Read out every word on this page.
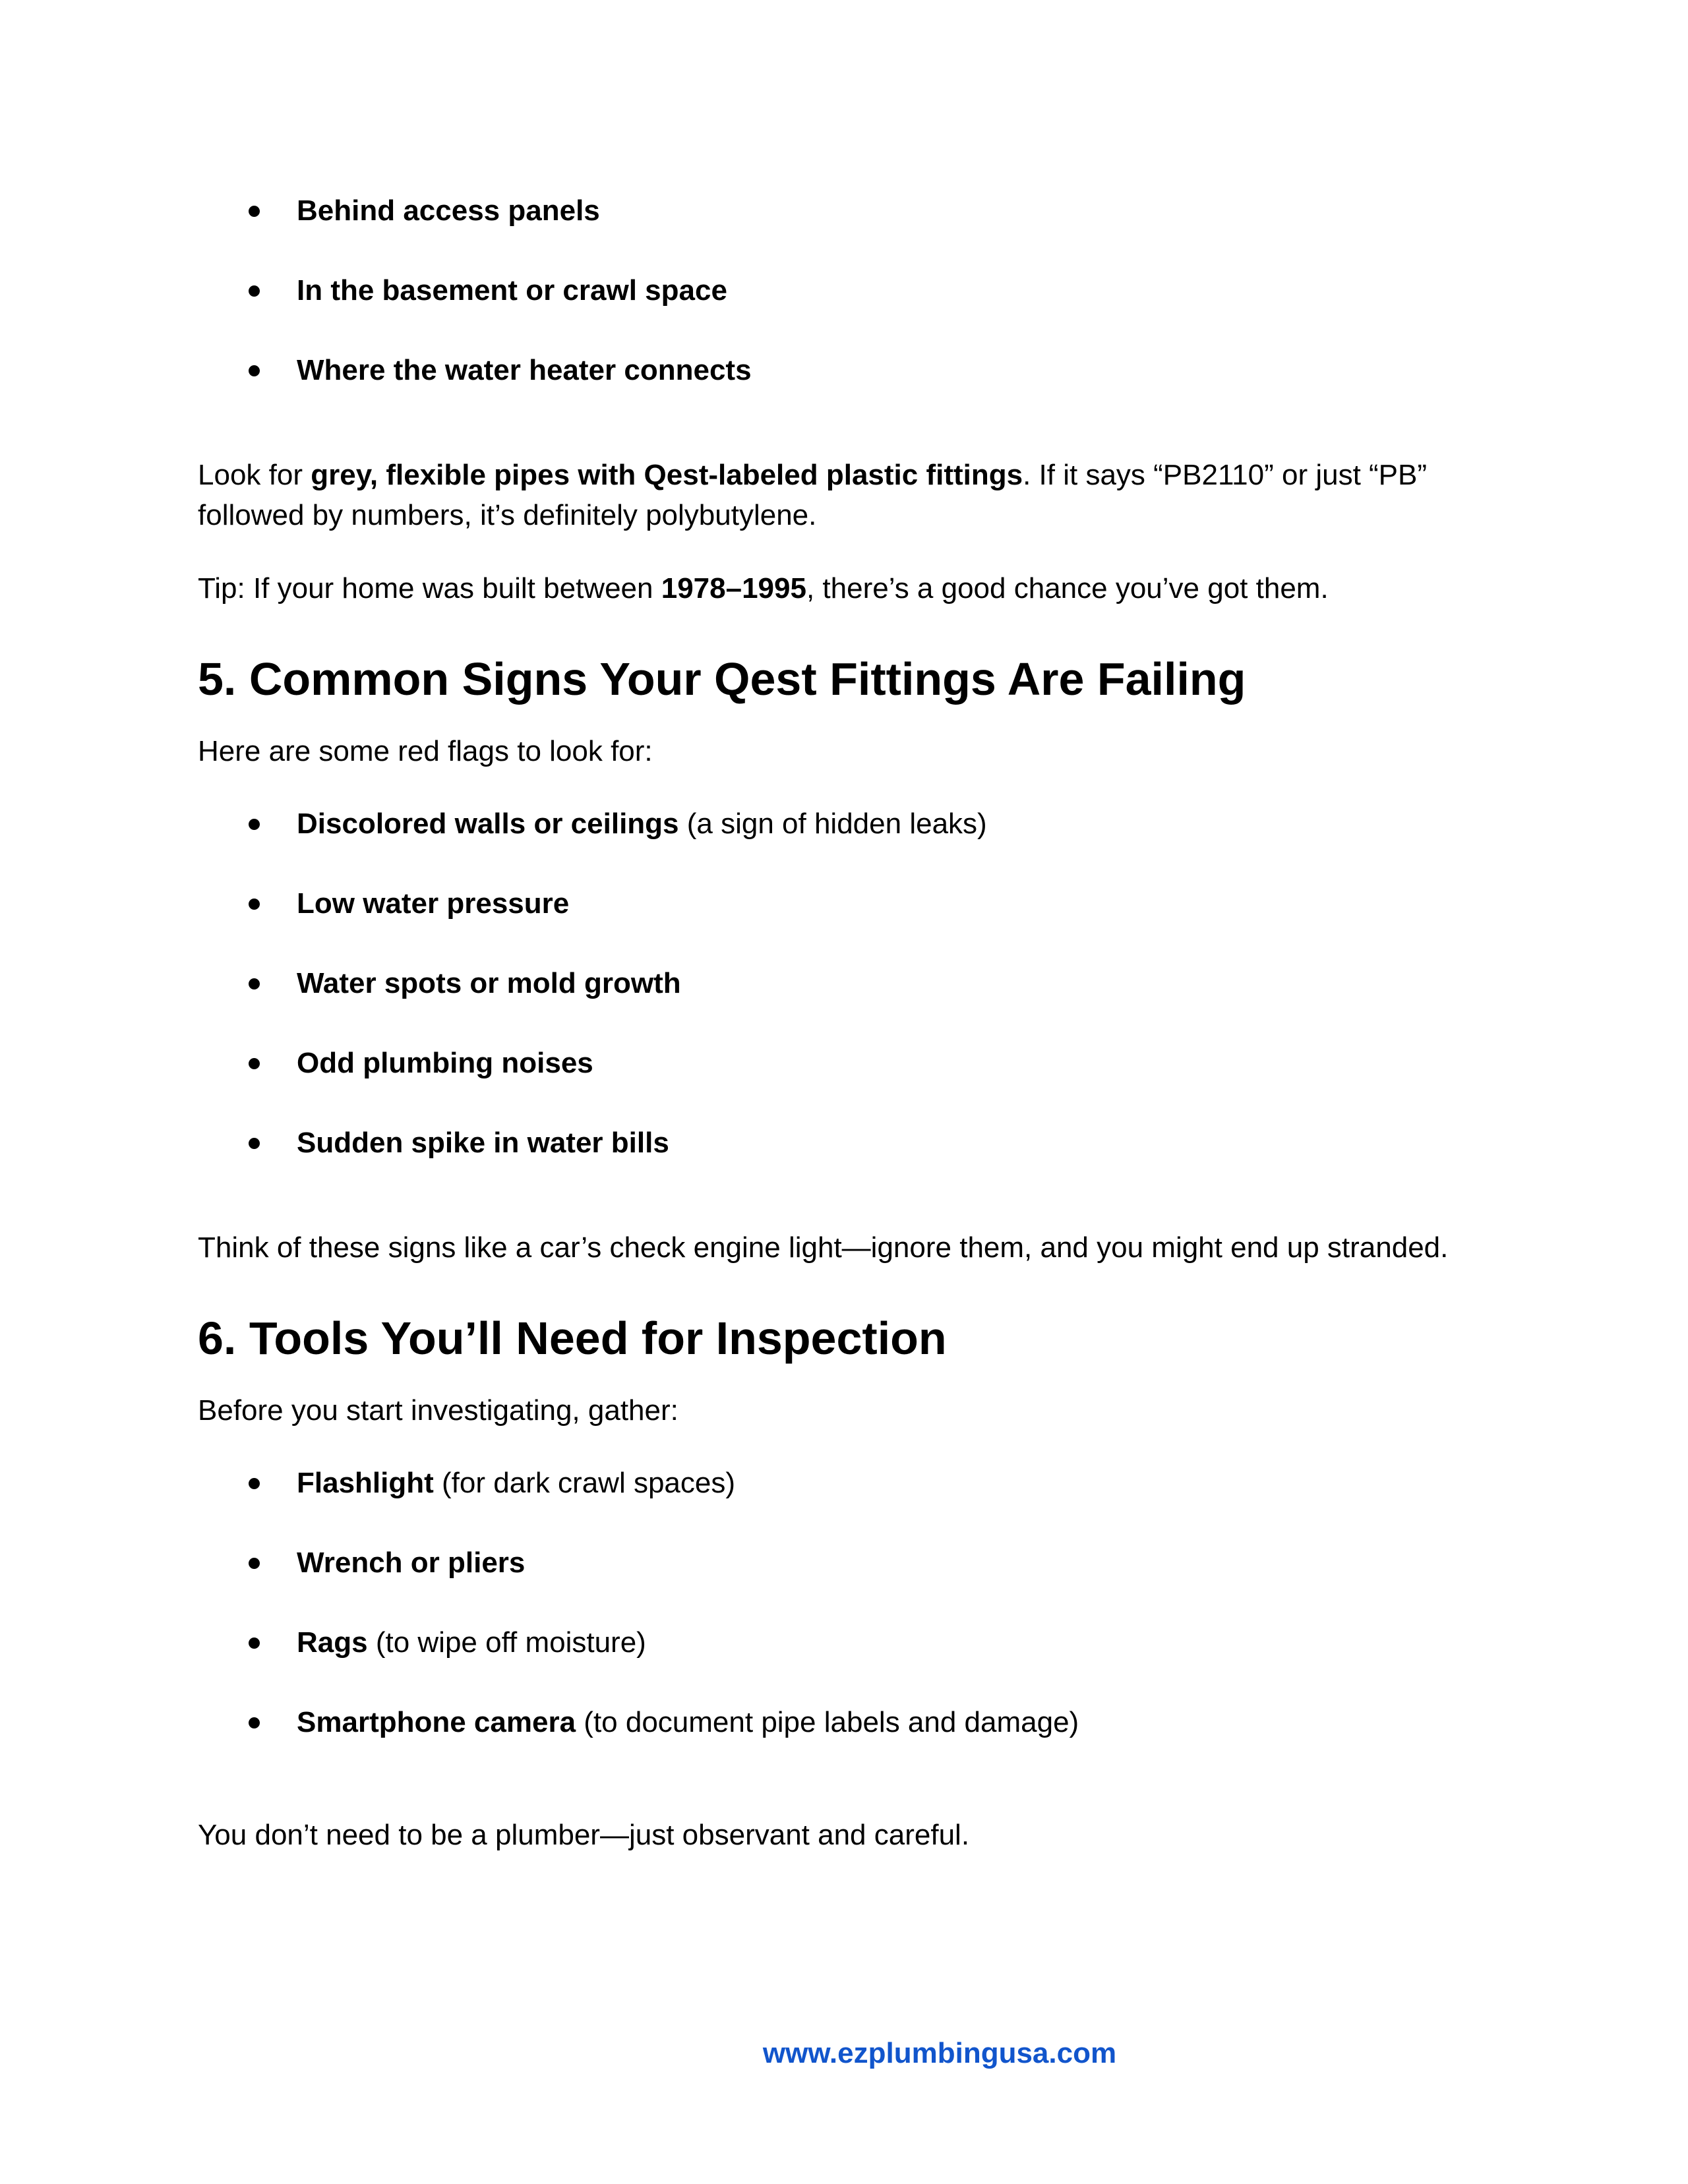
Behind access panels
In the basement or crawl space
Where the water heater connects

Look for grey, flexible pipes with Qest-labeled plastic fittings. If it says “PB2110” or just “PB” followed by numbers, it’s definitely polybutylene.

Tip: If your home was built between 1978–1995, there’s a good chance you’ve got them.

5. Common Signs Your Qest Fittings Are Failing

Here are some red flags to look for:

Discolored walls or ceilings (a sign of hidden leaks)
Low water pressure
Water spots or mold growth
Odd plumbing noises
Sudden spike in water bills

Think of these signs like a car’s check engine light—ignore them, and you might end up stranded.

6. Tools You’ll Need for Inspection

Before you start investigating, gather:

Flashlight (for dark crawl spaces)
Wrench or pliers
Rags (to wipe off moisture)
Smartphone camera (to document pipe labels and damage)

You don’t need to be a plumber—just observant and careful.

www.ezplumbingusa.com
